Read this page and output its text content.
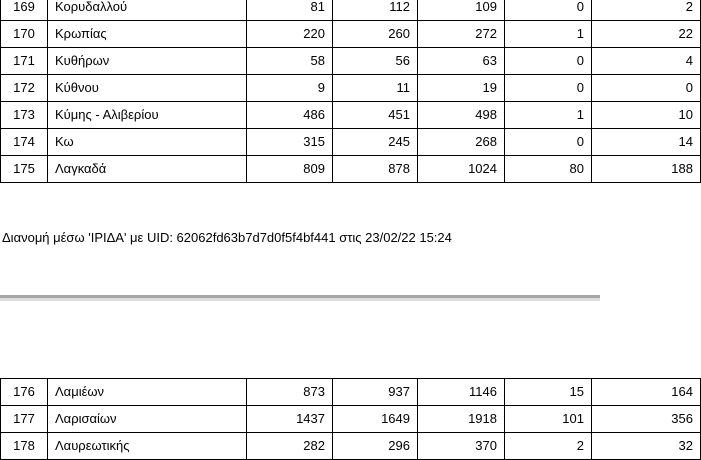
169	Κορυδαλλού	81	112	109	0	2
170	Κρωπίας	220	260	272	1	22
171	Κυθήρων	58	56	63	0	4
172	Κύθνου	9	11	19	0	0
173	Κύμης - Αλιβερίου	486	451	498	1	10
174	Κω	315	245	268	0	14
175	Λαγκαδά	809	878	1024	80	188
Διανομή μέσω 'ΙΡΙΔΑ' με UID: 62062fd63b7d7d0f5f4bf441 στις 23/02/22 15:24
176	Λαμιέων	873	937	1146	15	164
177	Λαρισαίων	1437	1649	1918	101	356
178	Λαυρεωτικής	282	296	370	2	32
